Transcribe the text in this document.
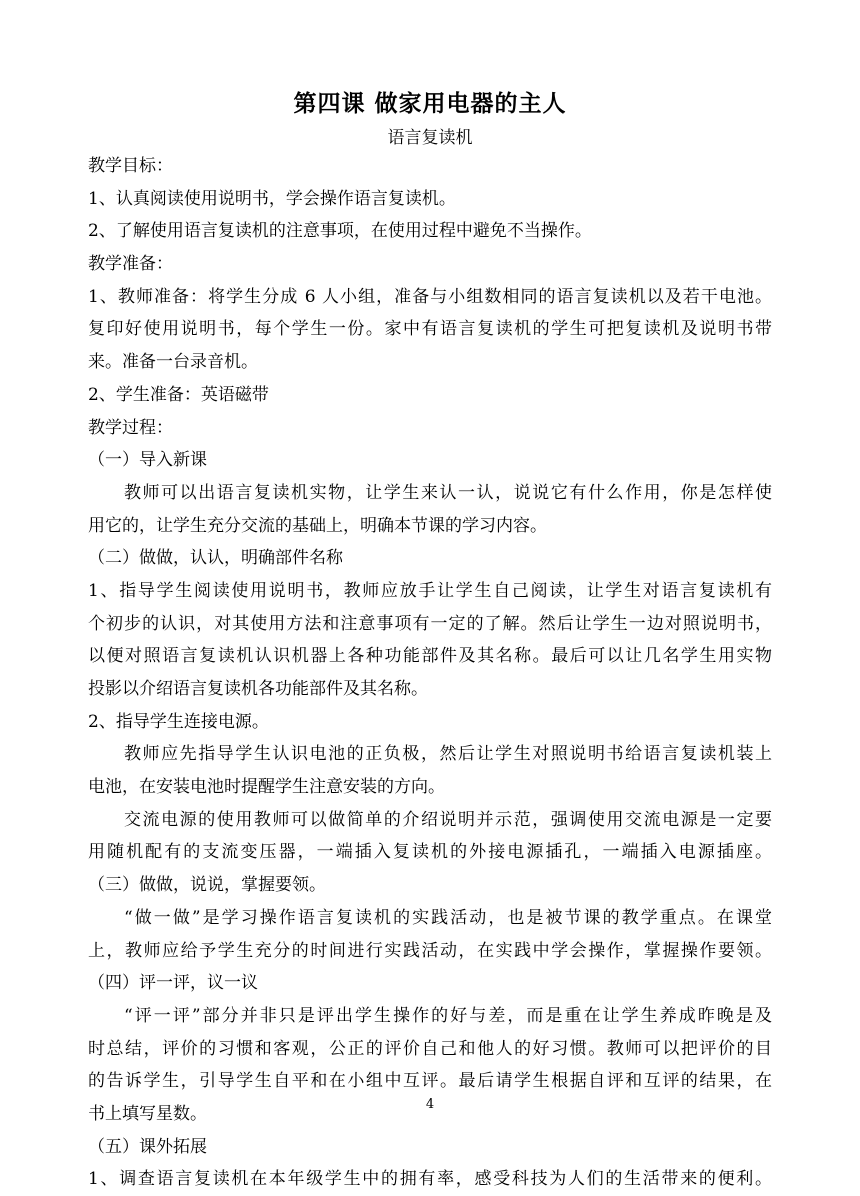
第四课 做家用电器的主人
语言复读机
教学目标：
1、认真阅读使用说明书，学会操作语言复读机。
2、了解使用语言复读机的注意事项，在使用过程中避免不当操作。
教学准备：
1、教师准备：将学生分成 6 人小组，准备与小组数相同的语言复读机以及若干电池。
复印好使用说明书，每个学生一份。家中有语言复读机的学生可把复读机及说明书带
来。准备一台录音机。
2、学生准备：英语磁带
教学过程：
（一）导入新课
教师可以出语言复读机实物，让学生来认一认，说说它有什么作用，你是怎样使
用它的，让学生充分交流的基础上，明确本节课的学习内容。
（二）做做，认认，明确部件名称
1、指导学生阅读使用说明书，教师应放手让学生自己阅读，让学生对语言复读机有
个初步的认识，对其使用方法和注意事项有一定的了解。然后让学生一边对照说明书，
以便对照语言复读机认识机器上各种功能部件及其名称。最后可以让几名学生用实物
投影以介绍语言复读机各功能部件及其名称。
2、指导学生连接电源。
教师应先指导学生认识电池的正负极，然后让学生对照说明书给语言复读机装上
电池，在安装电池时提醒学生注意安装的方向。
交流电源的使用教师可以做简单的介绍说明并示范，强调使用交流电源是一定要
用随机配有的支流变压器，一端插入复读机的外接电源插孔，一端插入电源插座。
（三）做做，说说，掌握要领。
“做一做”是学习操作语言复读机的实践活动，也是被节课的教学重点。在课堂
上，教师应给予学生充分的时间进行实践活动，在实践中学会操作，掌握操作要领。
（四）评一评，议一议
“评一评”部分并非只是评出学生操作的好与差，而是重在让学生养成昨晚是及
时总结，评价的习惯和客观，公正的评价自己和他人的好习惯。教师可以把评价的目
的告诉学生，引导学生自平和在小组中互评。最后请学生根据自评和互评的结果，在
书上填写星数。
（五）课外拓展
1、调查语言复读机在本年级学生中的拥有率，感受科技为人们的生活带来的便利。
4
